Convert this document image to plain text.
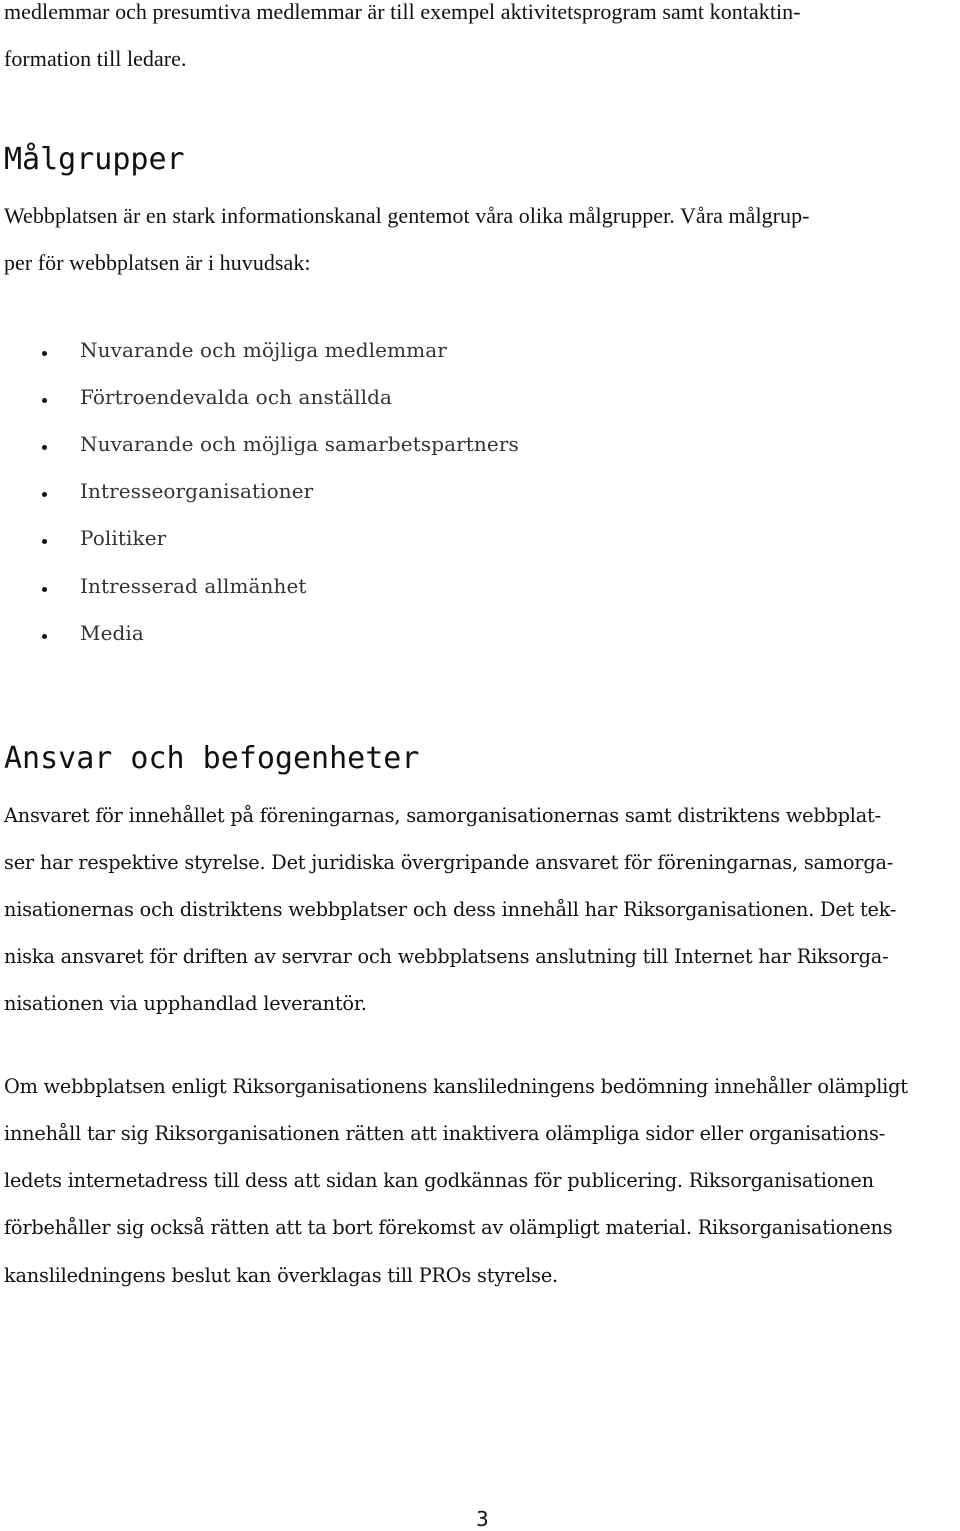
medlemmar och presumtiva medlemmar är till exempel aktivitetsprogram samt kontaktin-
formation till ledare.
Målgrupper
Webbplatsen är en stark informationskanal gentemot våra olika målgrupper. Våra målgrup-
per för webbplatsen är i huvudsak:
Nuvarande och möjliga medlemmar
Förtroendevalda och anställda
Nuvarande och möjliga samarbetspartners
Intresseorganisationer
Politiker
Intresserad allmänhet
Media
Ansvar och befogenheter
Ansvaret för innehållet på föreningarnas, samorganisationernas samt distriktens webbplat-
ser har respektive styrelse. Det juridiska övergripande ansvaret för föreningarnas, samorga-
nisationernas och distriktens webbplatser och dess innehåll har Riksorganisationen. Det tek-
niska ansvaret för driften av servrar och webbplatsens anslutning till Internet har Riksorga-
nisationen via upphandlad leverantör.
Om webbplatsen enligt Riksorganisationens kansliledningens bedömning innehåller olämpligt
innehåll tar sig Riksorganisationen rätten att inaktivera olämpliga sidor eller organisations-
ledets internetadress till dess att sidan kan godkännas för publicering. Riksorganisationen
förbehåller sig också rätten att ta bort förekomst av olämpligt material. Riksorganisationens
kansliledningens beslut kan överklagas till PROs styrelse.
3
